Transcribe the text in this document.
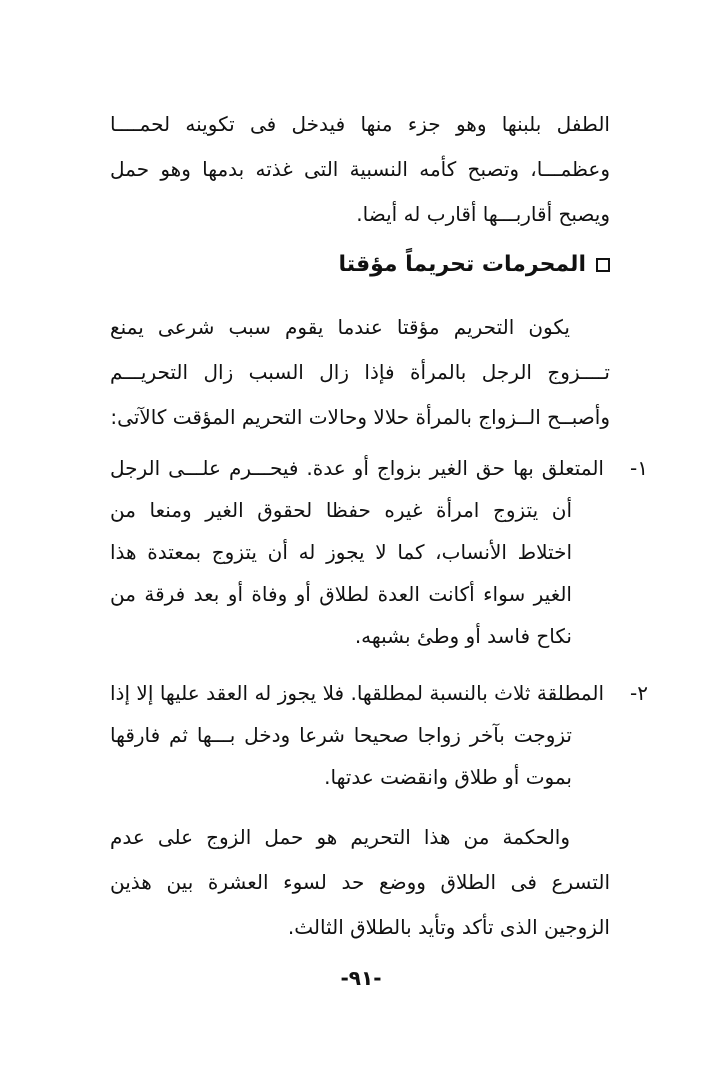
الطفل بلبنها وهو جزء منها فيدخل فى تكوينه لحمــــا وعظمـــا، وتصبح كأمه النسبية التى غذته بدمها وهو حمل ويصبح أقاربـــها أقارب له أيضا.

المحرمات تحريماً مؤقتا

يكون التحريم مؤقتا عندما يقوم سبب شرعى يمنع تــــزوج الرجل بالمرأة فإذا زال السبب زال التحريـــم وأصبــح الــزواج بالمرأة حلالا وحالات التحريم المؤقت كالآتى:

١-المتعلق بها حق الغير بزواج أو عدة. فيحـــرم علـــى الرجل أن يتزوج امرأة غيره حفظا لحقوق الغير ومنعا من اختلاط الأنساب، كما لا يجوز له أن يتزوج بمعتدة هذا الغير سواء أكانت العدة لطلاق أو وفاة أو بعد فرقة من نكاح فاسد أو وطئ بشبهه.
٢-المطلقة ثلاث بالنسبة لمطلقها. فلا يجوز له العقد عليها إلا إذا تزوجت بآخر زواجا صحيحا شرعا ودخل بـــها ثم فارقها بموت أو طلاق وانقضت عدتها.

والحكمة من هذا التحريم هو حمل الزوج على عدم التسرع فى الطلاق ووضع حد لسوء العشرة بين هذين الزوجين الذى تأكد وتأيد بالطلاق الثالث.

-٩١-
